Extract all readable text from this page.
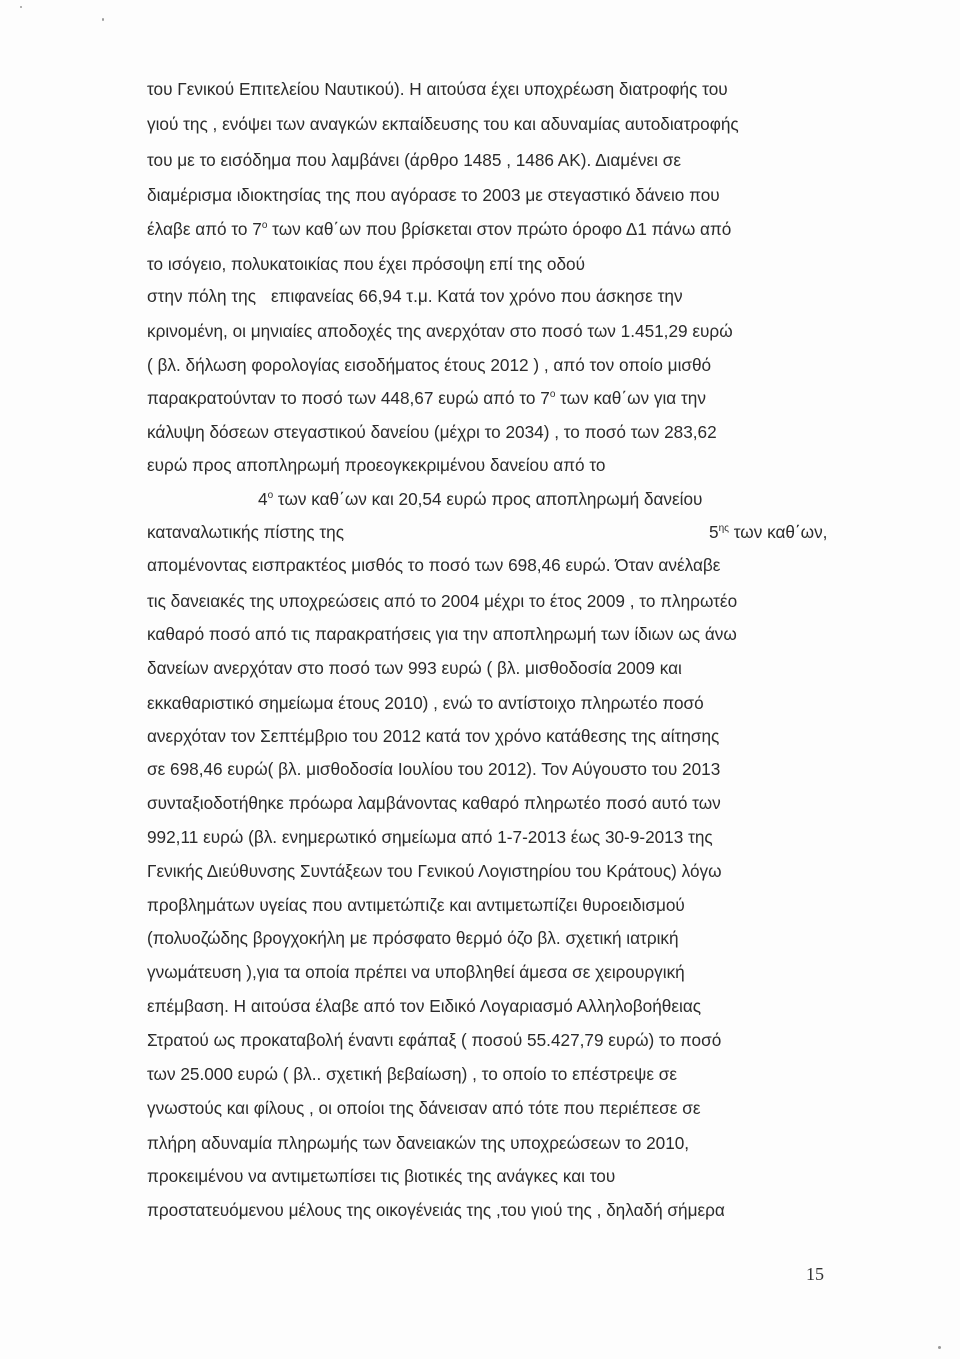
του Γενικού Επιτελείου Ναυτικού). Η αιτούσα έχει υποχρέωση διατροφής του
γιού της , ενόψει των αναγκών εκπαίδευσης του και αδυναμίας αυτοδιατροφής
του με το εισόδημα που λαμβάνει (άρθρο 1485 , 1486 ΑΚ). Διαμένει σε
διαμέρισμα ιδιοκτησίας της που αγόρασε το 2003 με στεγαστικό δάνειο που
έλαβε από το $7^o$ των καθ΄ων που βρίσκεται στον πρώτο όροφο Δ1 πάνω από
το ισόγειο, πολυκατοικίας που έχει πρόσοψη επί της οδού
στην πόλη της επιφανείας 66,94 τ.μ. Κατά τον χρόνο που άσκησε την
κρινομένη, οι μηνιαίες αποδοχές της ανερχόταν στο ποσό των 1.451,29 ευρώ
( βλ. δήλωση φορολογίας εισοδήματος έτους 2012 ) , από τον οποίο μισθό
παρακρατούνταν το ποσό των 448,67 ευρώ από το $7^o$ των καθ΄ων για την
κάλυψη δόσεων στεγαστικού δανείου (μέχρι το 2034) , το ποσό των 283,62
ευρώ προς αποπληρωμή προεογκεκριμένου δανείου από το
$4^o$ των καθ΄ων και 20,54 ευρώ προς αποπληρωμή δανείου
καταναλωτικής πίστης της	$5^{\eta\varsigma}$ των καθ΄ων,
απομένοντας εισπρακτέος μισθός το ποσό των 698,46 ευρώ. Όταν ανέλαβε
τις δανειακές της υποχρεώσεις από το 2004 μέχρι το έτος 2009 , το πληρωτέο
καθαρό ποσό από τις παρακρατήσεις για την αποπληρωμή των ίδιων ως άνω
δανείων ανερχόταν στο ποσό των 993 ευρώ ( βλ. μισθοδοσία 2009 και
εκκαθαριστικό σημείωμα έτους 2010) , ενώ το αντίστοιχο πληρωτέο ποσό
ανερχόταν τον Σεπτέμβριο του 2012 κατά τον χρόνο κατάθεσης της αίτησης
σε 698,46 ευρώ( βλ. μισθοδοσία Ιουλίου του 2012). Τον Αύγουστο του 2013
συνταξιοδοτήθηκε πρόωρα λαμβάνοντας καθαρό πληρωτέο ποσό αυτό των
992,11 ευρώ (βλ. ενημερωτικό σημείωμα από 1-7-2013 έως 30-9-2013 της
Γενικής Διεύθυνσης Συντάξεων του Γενικού Λογιστηρίου του Κράτους) λόγω
προβλημάτων υγείας που αντιμετώπιζε και αντιμετωπίζει θυροειδισμού
(πολυοζώδης βρογχοκήλη με πρόσφατο θερμό όζο βλ. σχετική ιατρική
γνωμάτευση ),για τα οποία πρέπει να υποβληθεί άμεσα σε χειρουργική
επέμβαση. Η αιτούσα έλαβε από τον Ειδικό Λογαριασμό Αλληλοβοήθειας
Στρατού ως προκαταβολή έναντι εφάπαξ ( ποσού 55.427,79 ευρώ) το ποσό
των 25.000 ευρώ ( βλ.. σχετική βεβαίωση) , το οποίο το επέστρεψε σε
γνωστούς και φίλους , οι οποίοι της δάνεισαν από τότε που περιέπεσε σε
πλήρη αδυναμία πληρωμής των δανειακών της υποχρεώσεων το 2010,
προκειμένου να αντιμετωπίσει τις βιοτικές της ανάγκες και του
προστατευόμενου μέλους της οικογένειάς της ,του γιού της , δηλαδή σήμερα
15
